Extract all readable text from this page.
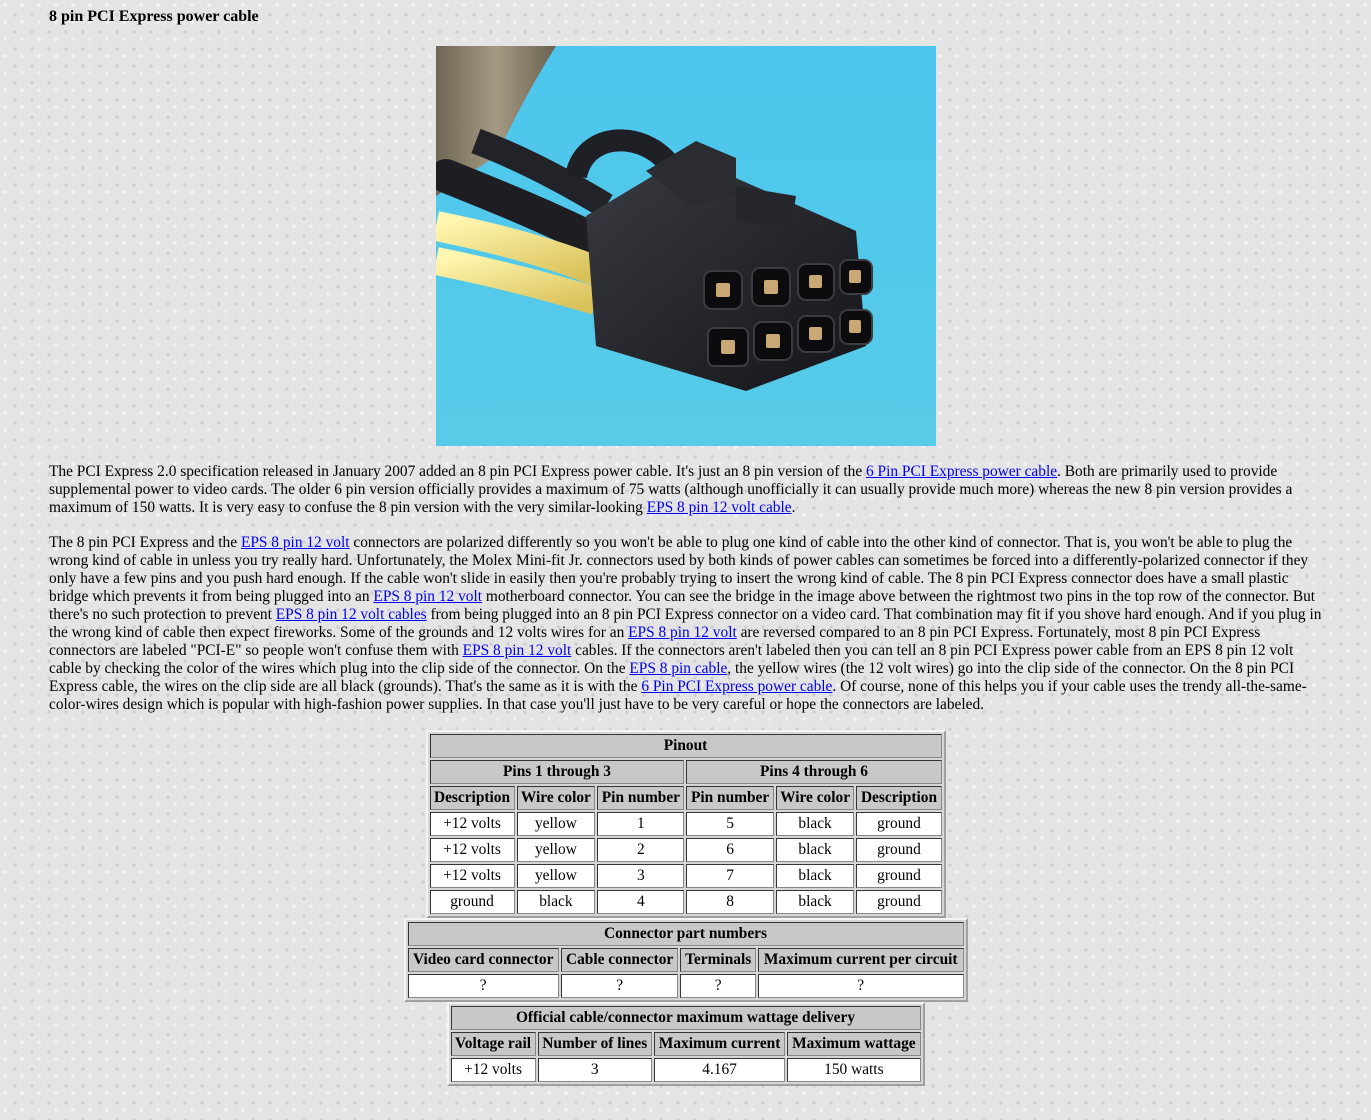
8 pin PCI Express power cable

The PCI Express 2.0 specification released in January 2007 added an 8 pin PCI Express power cable. It's just an 8 pin version of the 6 Pin PCI Express power cable. Both are primarily used to provide supplemental power to video cards. The older 6 pin version officially provides a maximum of 75 watts (although unofficially it can usually provide much more) whereas the new 8 pin version provides a maximum of 150 watts. It is very easy to confuse the 8 pin version with the very similar-looking EPS 8 pin 12 volt cable.

The 8 pin PCI Express and the EPS 8 pin 12 volt connectors are polarized differently so you won't be able to plug one kind of cable into the other kind of connector. That is, you won't be able to plug the wrong kind of cable in unless you try really hard. Unfortunately, the Molex Mini-fit Jr. connectors used by both kinds of power cables can sometimes be forced into a differently-polarized connector if they only have a few pins and you push hard enough. If the cable won't slide in easily then you're probably trying to insert the wrong kind of cable. The 8 pin PCI Express connector does have a small plastic bridge which prevents it from being plugged into an EPS 8 pin 12 volt motherboard connector. You can see the bridge in the image above between the rightmost two pins in the top row of the connector. But there's no such protection to prevent EPS 8 pin 12 volt cables from being plugged into an 8 pin PCI Express connector on a video card. That combination may fit if you shove hard enough. And if you plug in the wrong kind of cable then expect fireworks. Some of the grounds and 12 volts wires for an EPS 8 pin 12 volt are reversed compared to an 8 pin PCI Express. Fortunately, most 8 pin PCI Express connectors are labeled "PCI-E" so people won't confuse them with EPS 8 pin 12 volt cables. If the connectors aren't labeled then you can tell an 8 pin PCI Express power cable from an EPS 8 pin 12 volt cable by checking the color of the wires which plug into the clip side of the connector. On the EPS 8 pin cable, the yellow wires (the 12 volt wires) go into the clip side of the connector. On the 8 pin PCI Express cable, the wires on the clip side are all black (grounds). That's the same as it is with the 6 Pin PCI Express power cable. Of course, none of this helps you if your cable uses the trendy all-the-same-color-wires design which is popular with high-fashion power supplies. In that case you'll just have to be very careful or hope the connectors are labeled.

Pinout					
Pins 1 through 3			Pins 4 through 6		
Description	Wire color	Pin number	Pin number	Wire color	Description
+12 volts	yellow	1	5	black	ground
+12 volts	yellow	2	6	black	ground
+12 volts	yellow	3	7	black	ground
ground	black	4	8	black	ground
Connector part numbers			
Video card connector	Cable connector	Terminals	Maximum current per circuit
?	?	?	?
Official cable/connector maximum wattage delivery			
Voltage rail	Number of lines	Maximum current	Maximum wattage
+12 volts	3	4.167	150 watts
